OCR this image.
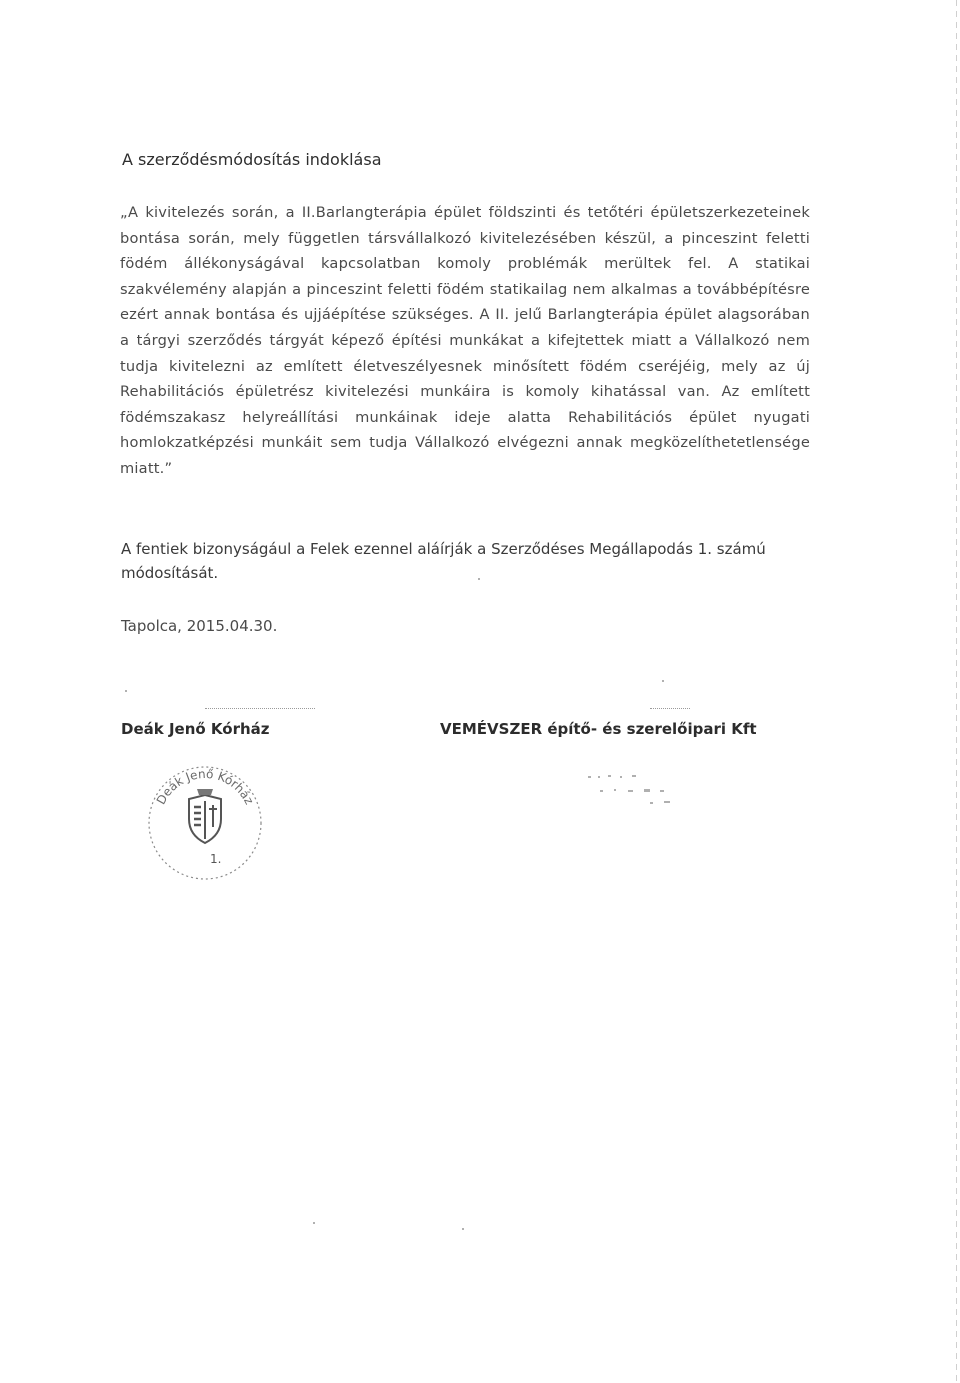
A szerződésmódosítás indoklása
„A kivitelezés során, a II.Barlangterápia épület földszinti és tetőtéri épületszerkezeteinek bontása során, mely független társvállalkozó kivitelezésében készül, a pinceszint feletti födém állékonyságával kapcsolatban komoly problémák merültek fel. A statikai szakvélemény alapján a pinceszint feletti födém statikailag nem alkalmas a továbbépítésre ezért annak bontása és ujjáépítése szükséges. A II. jelű Barlangterápia épület alagsorában a tárgyi szerződés tárgyát képező építési munkákat a kifejtettek miatt a Vállalkozó nem tudja kivitelezni az említett életveszélyesnek minősített födém cseréjéig, mely az új Rehabilitációs épületrész kivitelezési munkáira is komoly kihatással van. Az említett födémszakasz helyreállítási munkáinak ideje alatta Rehabilitációs épület nyugati homlokzatképzési munkáit sem tudja Vállalkozó elvégezni annak megközelíthetetlensége miatt.”
A fentiek bizonyságául a Felek ezennel aláírják a Szerződéses Megállapodás 1. számú módosítását.
Tapolca, 2015.04.30.
Deák Jenő Kórház	VEMÉVSZER építő- és szerelőipari Kft
Deák Jenő Kórház
1.
